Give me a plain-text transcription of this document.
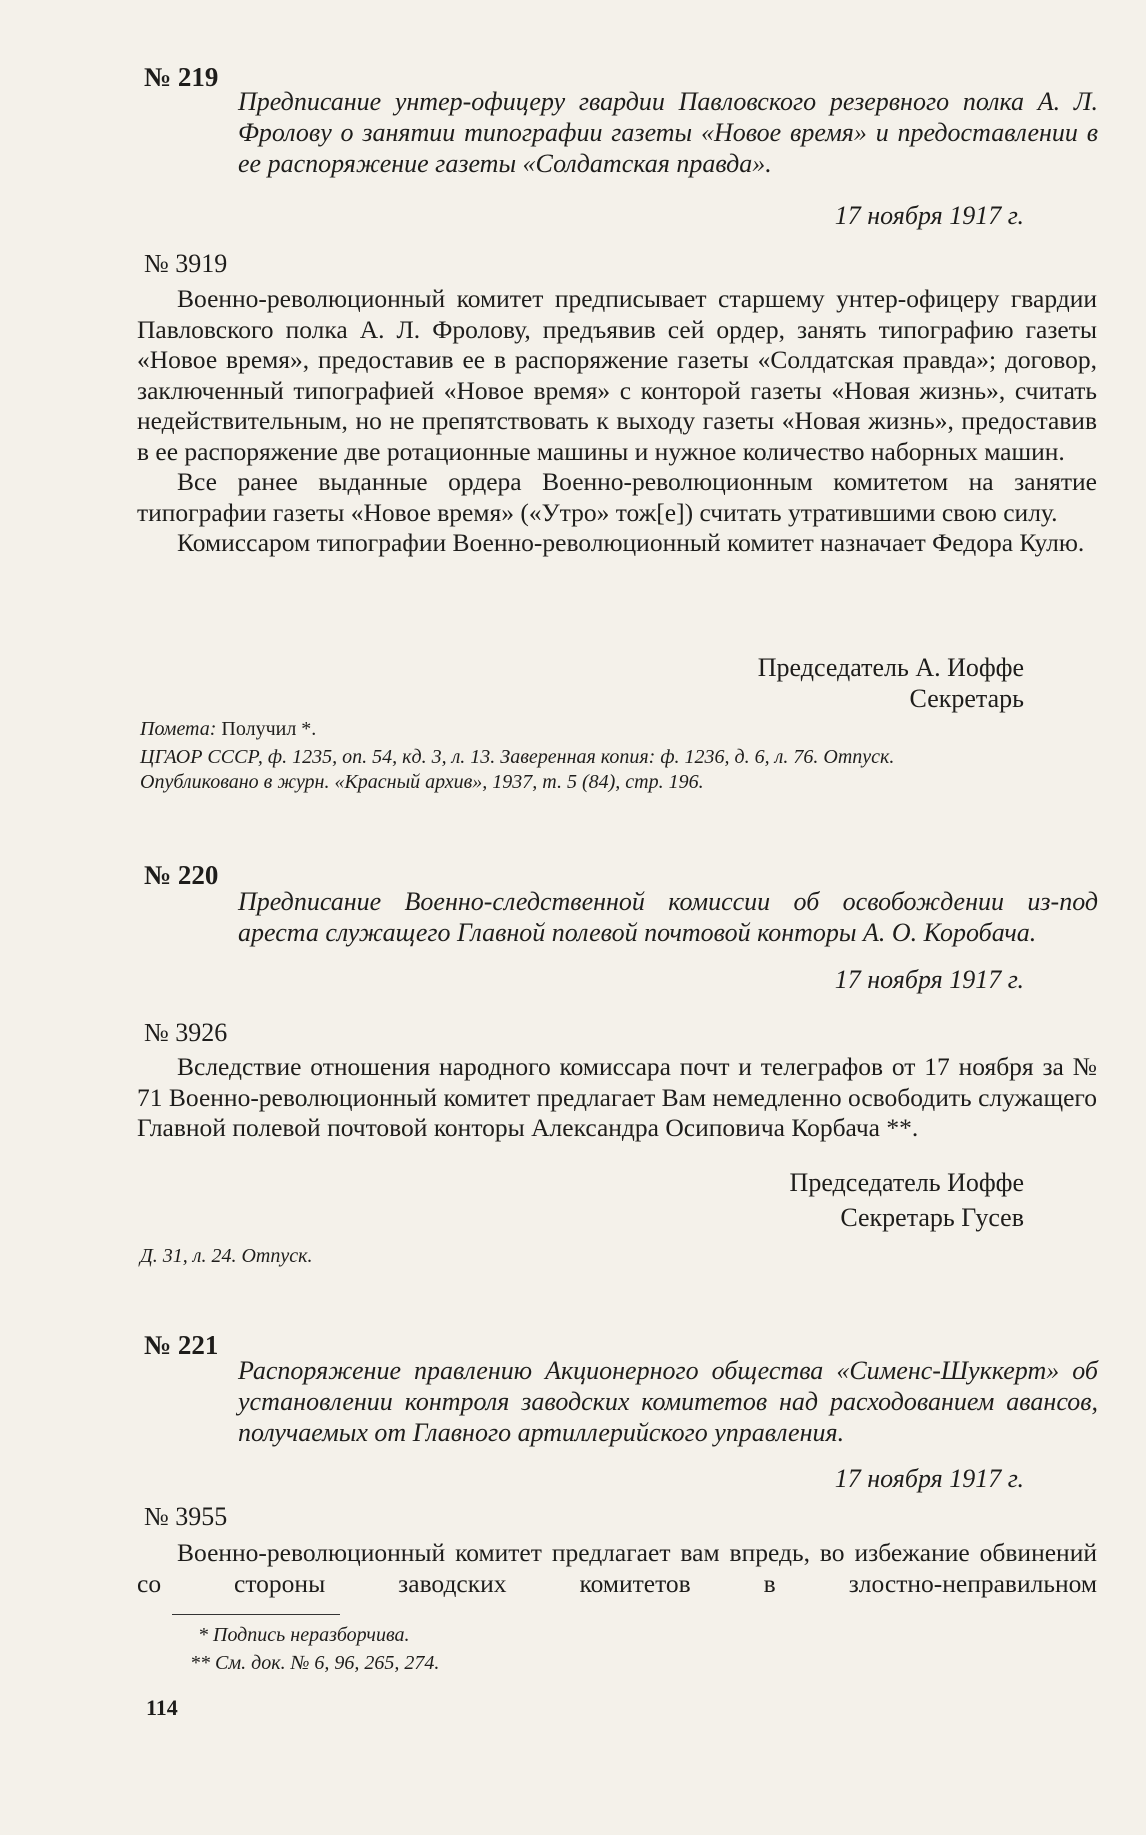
№ 219
Предписание унтер-офицеру гвардии Павловского резервного полка А. Л. Фролову о занятии типографии газеты «Новое время» и предоставлении в ее распоряжение газеты «Солдатская правда».
17 ноября 1917 г.
№ 3919

Военно-революционный комитет предписывает старшему унтер-офицеру гвардии Павловского полка А. Л. Фролову, предъявив сей ордер, занять типографию газеты «Новое время», предоставив ее в распоряжение газеты «Солдатская правда»; договор, заключенный типографией «Новое время» с конторой газеты «Новая жизнь», считать недействительным, но не препятствовать к выходу газеты «Новая жизнь», предоставив в ее распоряжение две ротационные машины и нужное количество наборных машин.

Все ранее выданные ордера Военно-революционным комитетом на занятие типографии газеты «Новое время» («Утро» тож[е]) считать утратившими свою силу.

Комиссаром типографии Военно-революционный комитет назначает Федора Кулю.

Председатель А. Иоффе
Секретарь
Помета: Получил *.
ЦГАОР СССР, ф. 1235, оп. 54, кд. 3, л. 13. Заверенная копия: ф. 1236, д. 6, л. 76. Отпуск.
Опубликовано в журн. «Красный архив», 1937, т. 5 (84), стр. 196.
№ 220
Предписание Военно-следственной комиссии об освобождении из-под ареста служащего Главной полевой почтовой конторы А. О. Коробача.
17 ноября 1917 г.
№ 3926

Вследствие отношения народного комиссара почт и телеграфов от 17 ноября за № 71 Военно-революционный комитет предлагает Вам немедленно освободить служащего Главной полевой почтовой конторы Александра Осиповича Корбача **.

Председатель Иоффе
Секретарь Гусев
Д. 31, л. 24. Отпуск.
№ 221
Распоряжение правлению Акционерного общества «Сименс-Шуккерт» об установлении контроля заводских комитетов над расходованием авансов, получаемых от Главного артиллерийского управления.
17 ноября 1917 г.
№ 3955

Военно-революционный комитет предлагает вам впредь, во избежание обвинений со стороны заводских комитетов в злостно-неправильном

* Подпись неразборчива.
** См. док. № 6, 96, 265, 274.
114
